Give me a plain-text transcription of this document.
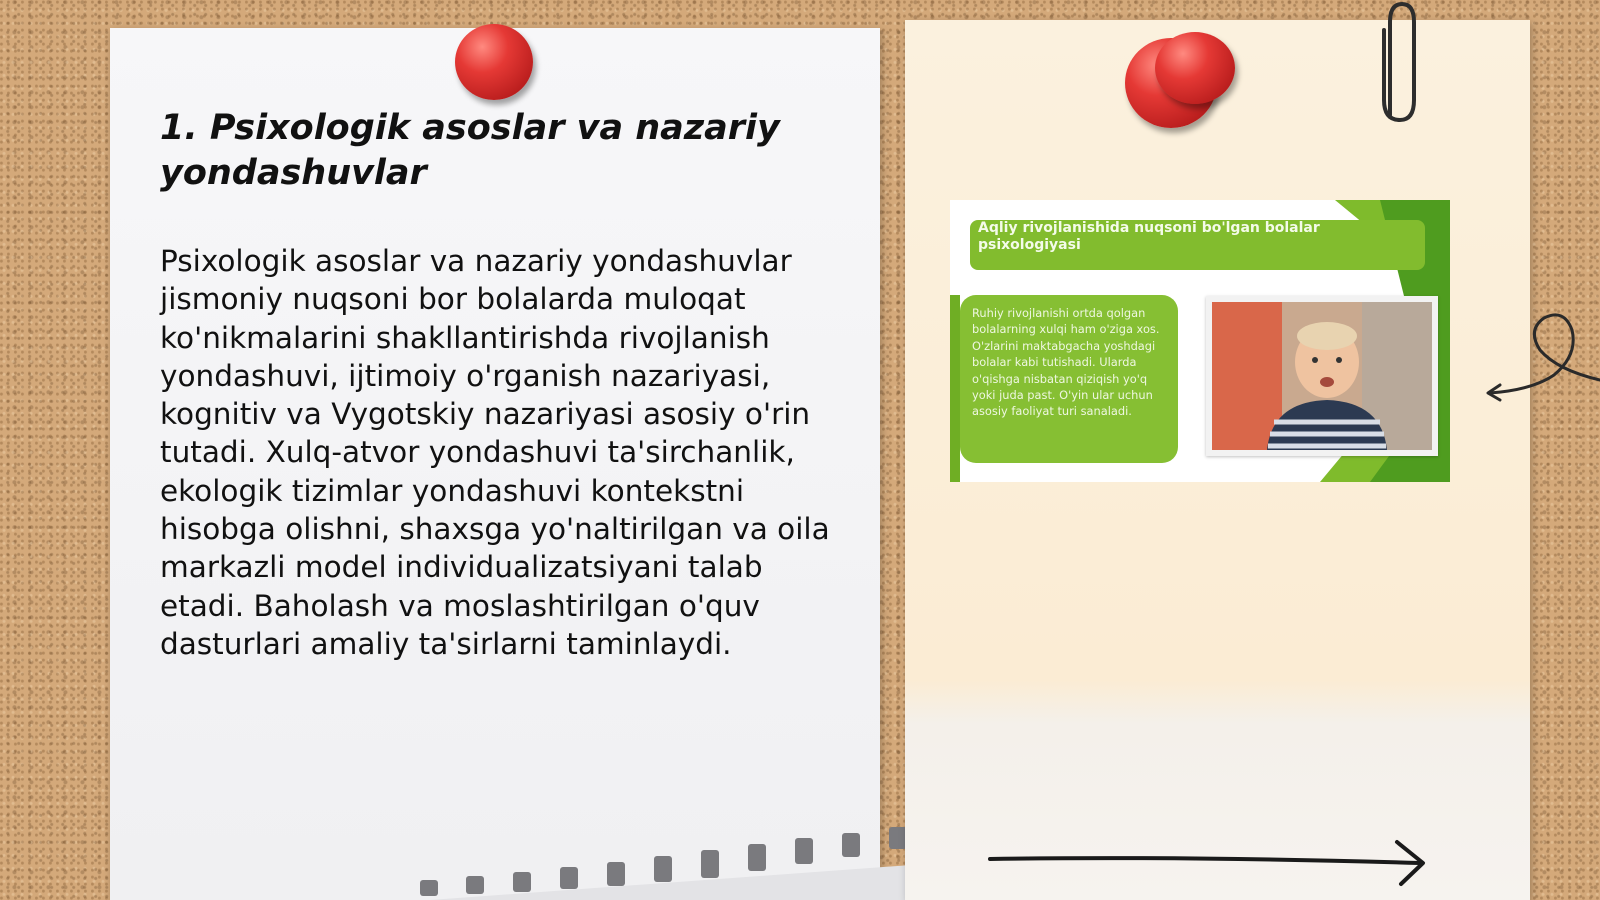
1. Psixologik asoslar va nazariy yondashuvlar
Psixologik asoslar va nazariy yondashuvlar jismoniy nuqsoni bor bolalarda muloqat ko'nikmalarini shakllantirishda rivojlanish yondashuvi, ijtimoiy o'rganish nazariyasi, kognitiv va Vygotskiy nazariyasi asosiy o'rin tutadi. Xulq-atvor yondashuvi ta'sirchanlik, ekologik tizimlar yondashuvi kontekstni hisobga olishni, shaxsga yo'naltirilgan va oila markazli model individualizatsiyani talab etadi. Baholash va moslashtirilgan o'quv dasturlari amaliy ta'sirlarni taminlaydi.
Aqliy rivojlanishida nuqsoni bo'lgan bolalar psixologiyasi
Ruhiy rivojlanishi ortda qolgan bolalarning xulqi ham o'ziga xos. O'zlarini maktabgacha yoshdagi bolalar kabi tutishadi. Ularda o'qishga nisbatan qiziqish yo'q yoki juda past. O'yin ular uchun asosiy faoliyat turi sanaladi.
